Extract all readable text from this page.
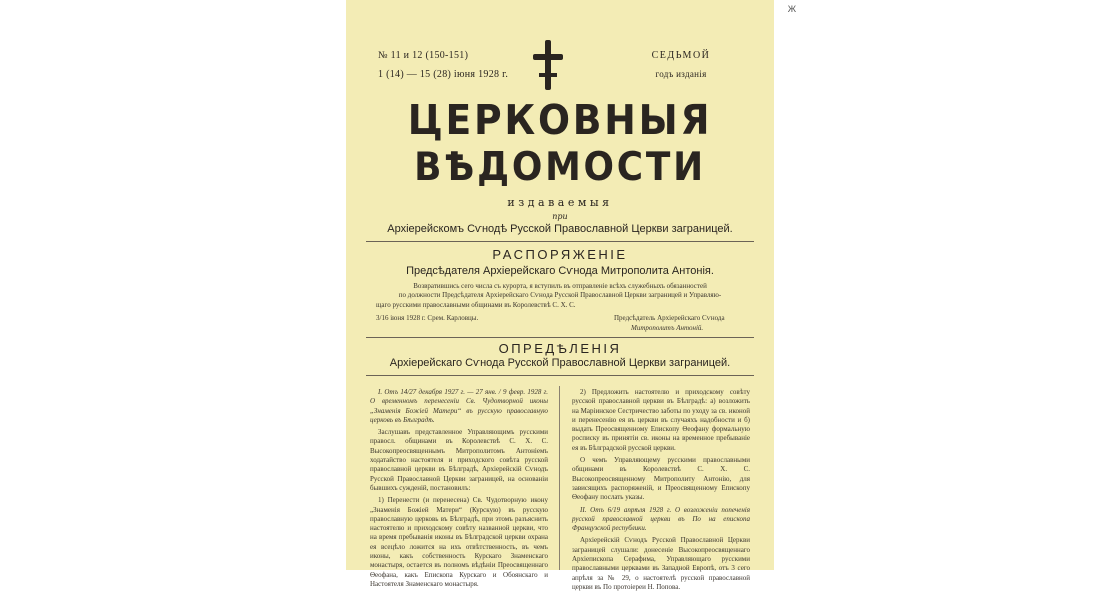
Ж
№ 11 и 12 (150-151)
1 (14) — 15 (28) іюня 1928 г.
СЕДЬМОЙ
годъ изданія
ЦЕРКОВНЫЯ
ВѢДОМОСТИ
издаваемыя
при
Архіерейскомъ Сѵнодѣ Русской Православной Церкви заграницей.
РАСПОРЯЖЕНІЕ
Предсѣдателя Архіерейскаго Сѵнода Митрополита Антонія.
Возвратившись сего числа съ курорта, я вступилъ въ отправленіе всѣхъ служебныхъ обязанностей
по должности Предсѣдателя Архіерейскаго Сѵнода Русской Православной Церкви заграницей и Управляю-
щаго русскими православными общинами въ Королевствѣ С. Х. С.
3/16 іюня 1928 г. Срем. Карловцы.	Предсѣдатель Архіерейскаго Сѵнода
Митрополитъ Антоній.
ОПРЕДѢЛЕНІЯ
Архіерейскаго Сѵнода Русской Православной Церкви заграницей.

I. Отъ 14/27 декабря 1927 г. — 27 янв. / 9 февр. 1928 г. О временномъ перенесеніи Св. Чудотворной иконы „Знаменія Божіей Матери“ въ русскую православную церковь въ Бѣлградѣ.

Заслушавъ представленное Управляющимъ русскими правосл. общинами въ Королевствѣ С. Х. С. Высокопреосвященнымъ Митрополитомъ Антоніемъ ходатайство настоятеля и приходского совѣта русской православной церкви въ Бѣлградѣ, Архіерейскій Сѵнодъ Русской Православной Церкви заграницей, на основаніи бывшихъ сужденій, постановилъ:

1) Перенести (и перенесена) Св. Чудотворную икону „Знаменія Божіей Матери“ (Курскую) въ русскую православную церковь въ Бѣлградѣ, при этомъ разъяснить настоятелю и приходскому совѣту названной церкви, что на время пребыванія иконы въ Бѣлградской церкви охрана ея всецѣло ложится на ихъ отвѣтственность, въ чемъ иконы, какъ собственность Курскаго Знаменскаго монастыря, остается въ полномъ вѣдѣніи Преосвященнаго Ѳеофана, какъ Епископа Курскаго и Обоянскаго и Настоятеля Знаменскаго монастыря.

2) Предложить настоятелю и приходскому совѣту русской православной церкви въ Бѣлградѣ: а) возложить на Маріинское Сестричество заботы по уходу за св. иконой и перенесенію ея въ церкви въ случаяхъ надобности и б) выдать Преосвященному Епископу Ѳеофану формальную росписку въ принятіи св. иконы на временное пребываніе ея въ Бѣлградской русской церкви.

О чемъ Управляющему русскими православными общинами въ Королевствѣ С. Х. С. Высокопреосвященному Митрополиту Антонію, для зависящихъ распоряженій, и Преосвященному Епископу Ѳеофану послать указы.

II. Отъ 6/19 апрѣля 1928 г. О возложеніи попеченія русской православной церкви въ По на епископа Французской республики.

Архіерейскій Сѵнодъ Русской Православной Церкви заграницей слушали: донесеніе Высокопреосвященнаго Архіепископа Серафима, Управляющаго русскими православными церквами въ Западной Европѣ, отъ 3 сего апрѣля за № 29, о настоятелѣ русской православной церкви въ По протоіереи Н. Попова.
